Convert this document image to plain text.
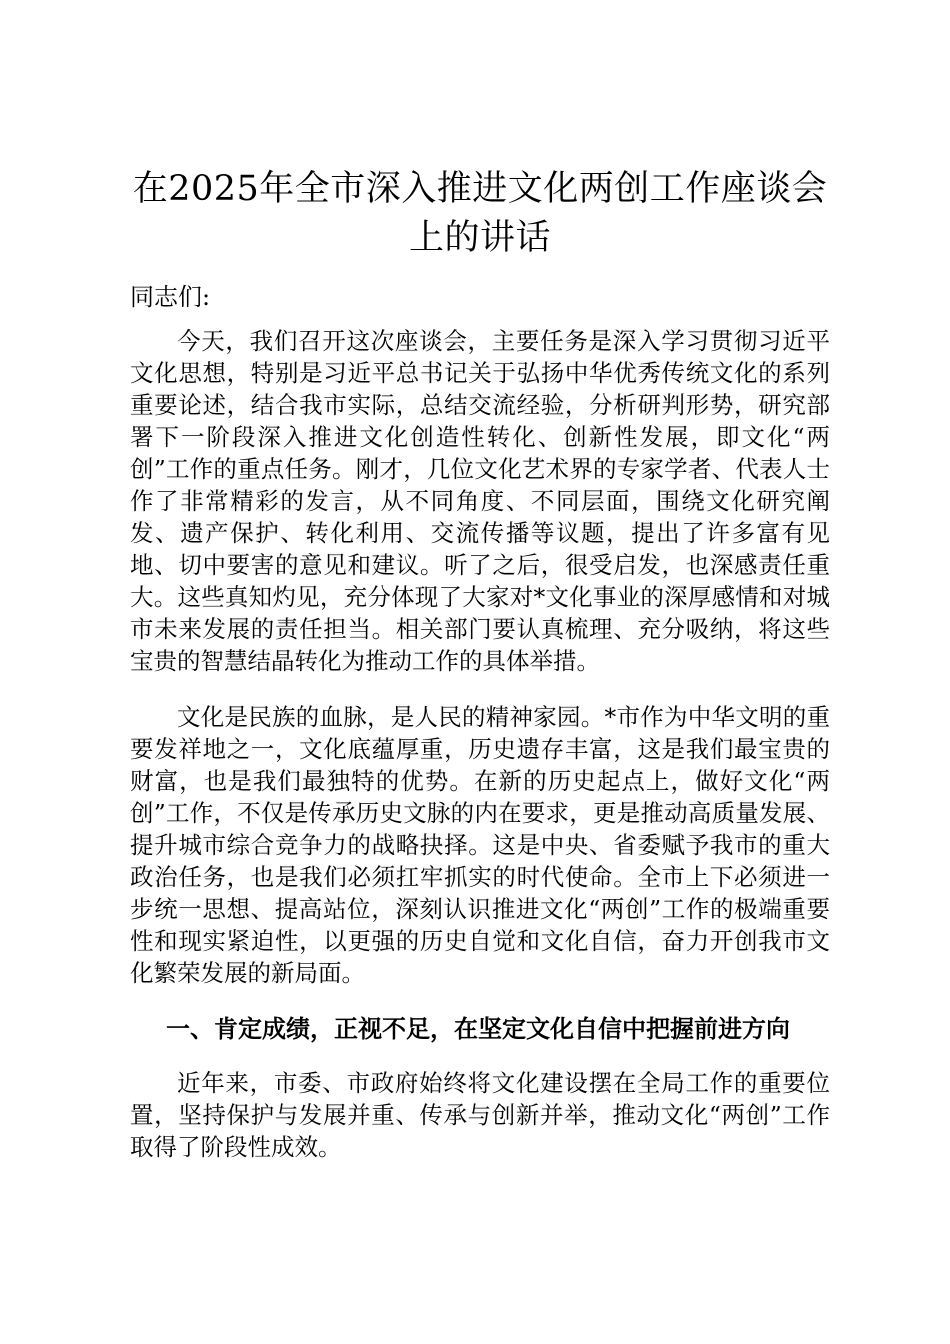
在2025年全市深入推进文化两创工作座谈会上的讲话

同志们:

今天，我们召开这次座谈会，主要任务是深入学习贯彻习近平文化思想，特别是习近平总书记关于弘扬中华优秀传统文化的系列重要论述，结合我市实际，总结交流经验，分析研判形势，研究部署下一阶段深入推进文化创造性转化、创新性发展，即文化“两创”工作的重点任务。刚才，几位文化艺术界的专家学者、代表人士作了非常精彩的发言，从不同角度、不同层面，围绕文化研究阐发、遗产保护、转化利用、交流传播等议题，提出了许多富有见地、切中要害的意见和建议。听了之后，很受启发，也深感责任重大。这些真知灼见，充分体现了大家对*文化事业的深厚感情和对城市未来发展的责任担当。相关部门要认真梳理、充分吸纳，将这些宝贵的智慧结晶转化为推动工作的具体举措。

文化是民族的血脉，是人民的精神家园。*市作为中华文明的重要发祥地之一，文化底蕴厚重，历史遗存丰富，这是我们最宝贵的财富，也是我们最独特的优势。在新的历史起点上，做好文化“两创”工作，不仅是传承历史文脉的内在要求，更是推动高质量发展、提升城市综合竞争力的战略抉择。这是中央、省委赋予我市的重大政治任务，也是我们必须扛牢抓实的时代使命。全市上下必须进一步统一思想、提高站位，深刻认识推进文化“两创”工作的极端重要性和现实紧迫性，以更强的历史自觉和文化自信，奋力开创我市文化繁荣发展的新局面。

一、肯定成绩，正视不足，在坚定文化自信中把握前进方向

近年来，市委、市政府始终将文化建设摆在全局工作的重要位置，坚持保护与发展并重、传承与创新并举，推动文化“两创”工作取得了阶段性成效。
